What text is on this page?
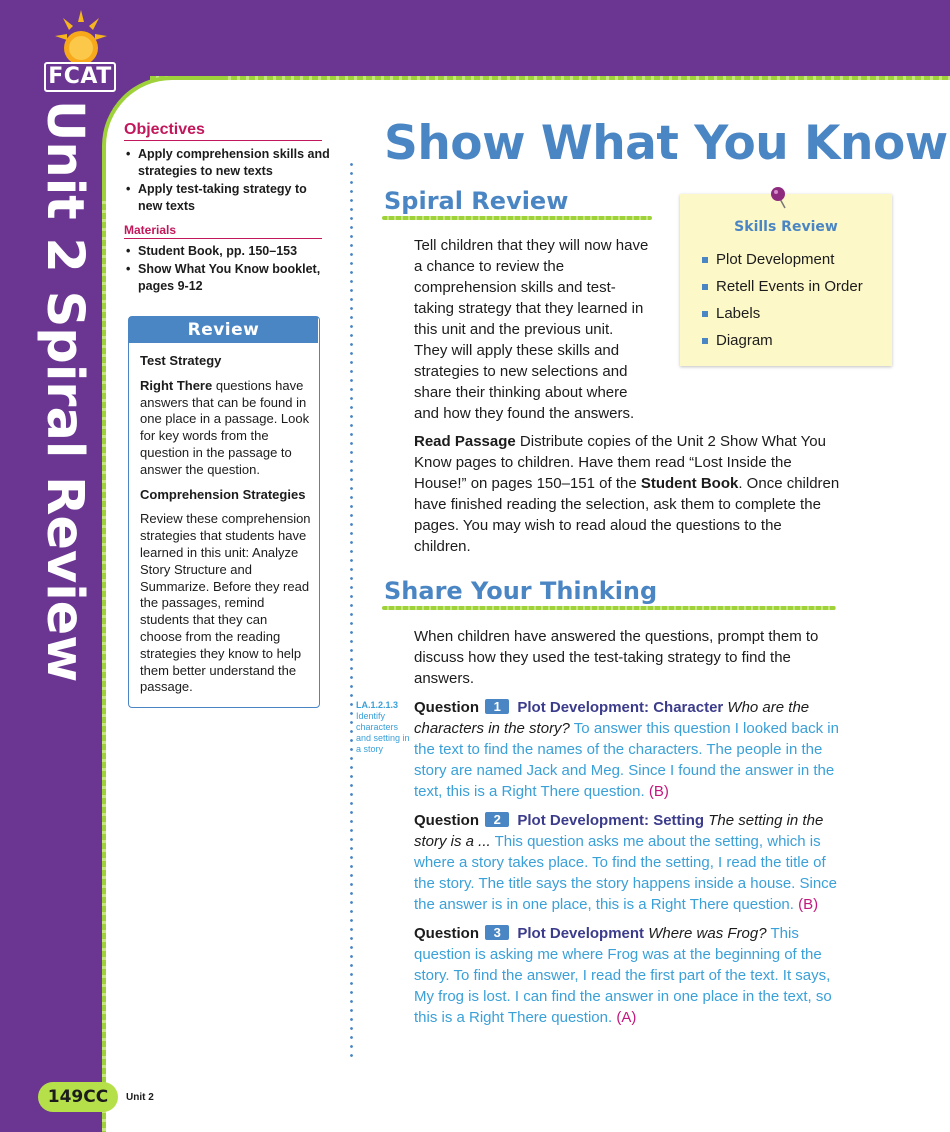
FCAT
Unit 2 Spiral Review	Objectives
• Apply comprehension skills and strategies to new texts
• Apply test-taking strategy to new texts
Materials
• Student Book, pp. 150–153
• Show What You Know booklet, pages 9-12
Review

Test Strategy

Right There questions have answers that can be found in one place in a passage. Look for key words from the question in the passage to answer the question.

Comprehension Strategies

Review these comprehension strategies that students have learned in this unit: Analyze Story Structure and Summarize. Before they read the passages, remind students that they can choose from the reading strategies they know to help them better understand the passage.

Show What You Know
Spiral Review

Tell children that they will now have a chance to review the comprehension skills and test-taking strategy that they learned in this unit and the previous unit. They will apply these skills and strategies to new selections and share their thinking about where and how they found the answers.

Skills Review
Plot Development
Retell Events in Order
Labels
Diagram

Read Passage Distribute copies of the Unit 2 Show What You Know pages to children. Have them read “Lost Inside the House!” on pages 150–151 of the Student Book. Once children have finished reading the selection, ask them to complete the pages. You may wish to read aloud the questions to the children.

Share Your Thinking

When children have answered the questions, prompt them to discuss how they used the test-taking strategy to find the answers.

LA.1.2.1.3
Identify characters and setting in a story

Question 1 Plot Development: Character Who are the characters in the story? To answer this question I looked back in the text to find the names of the characters. The people in the story are named Jack and Meg. Since I found the answer in the text, this is a Right There question. (B)

Question 2 Plot Development: Setting The setting in the story is a ... This question asks me about the setting, which is where a story takes place. To find the setting, I read the title of the story. The title says the story happens inside a house. Since the answer is in one place, this is a Right There question. (B)

Question 3 Plot Development Where was Frog? This question is asking me where Frog was at the beginning of the story. To find the answer, I read the first part of the text. It says, My frog is lost. I can find the answer in one place in the text, so this is a Right There question. (A)

149CC	Unit 2
